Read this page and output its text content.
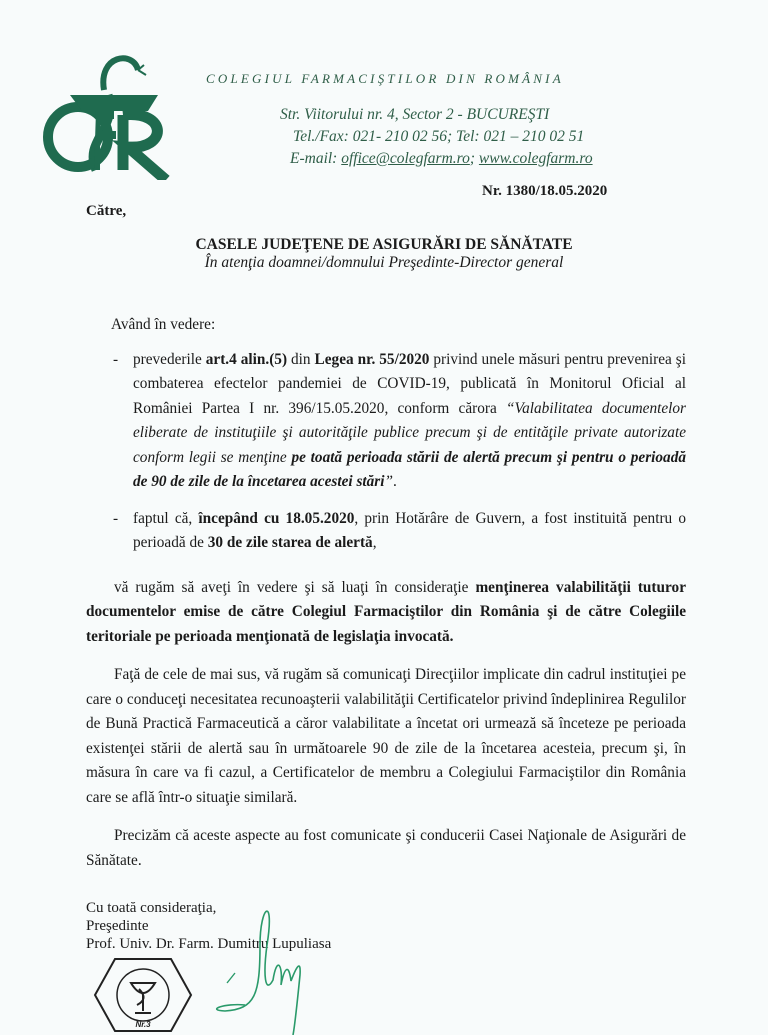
COLEGIUL FARMACIŞTILOR DIN ROMÂNIA
Str. Viitorului nr. 4, Sector 2 - BUCUREŞTI
Tel./Fax: 021- 210 02 56; Tel: 021 – 210 02 51
E-mail: office@colegfarm.ro; www.colegfarm.ro
Nr. 1380/18.05.2020
Către,
CASELE JUDEŢENE DE ASIGURĂRI DE SĂNĂTATE
În atenţia doamnei/domnului Preşedinte-Director general
Având în vedere:
- prevederile art.4 alin.(5) din Legea nr. 55/2020 privind unele măsuri pentru prevenirea şi combaterea efectelor pandemiei de COVID-19, publicată în Monitorul Oficial al României Partea I nr. 396/15.05.2020, conform cărora “Valabilitatea documentelor eliberate de instituţiile şi autorităţile publice precum şi de entităţile private autorizate conform legii se menţine pe toată perioada stării de alertă precum şi pentru o perioadă de 90 de zile de la încetarea acestei stări”.
- faptul că, începând cu 18.05.2020, prin Hotărâre de Guvern, a fost instituită pentru o perioadă de 30 de zile starea de alertă,
vă rugăm să aveţi în vedere şi să luaţi în consideraţie menţinerea valabilităţii tuturor documentelor emise de către Colegiul Farmaciştilor din România şi de către Colegiile teritoriale pe perioada menţionată de legislaţia invocată.
Faţă de cele de mai sus, vă rugăm să comunicaţi Direcţiilor implicate din cadrul instituţiei pe care o conduceţi necesitatea recunoaşterii valabilităţii Certificatelor privind îndeplinirea Regulilor de Bună Practică Farmaceutică a căror valabilitate a încetat ori urmează să înceteze pe perioada existenţei stării de alertă sau în următoarele 90 de zile de la încetarea acesteia, precum şi, în măsura în care va fi cazul, a Certificatelor de membru a Colegiului Farmaciştilor din România care se află într-o situaţie similară.
Precizăm că aceste aspecte au fost comunicate şi conducerii Casei Naţionale de Asigurări de Sănătate.
Cu toată consideraţia,
Preşedinte
Prof. Univ. Dr. Farm. Dumitru Lupuliasa
Nr.3
